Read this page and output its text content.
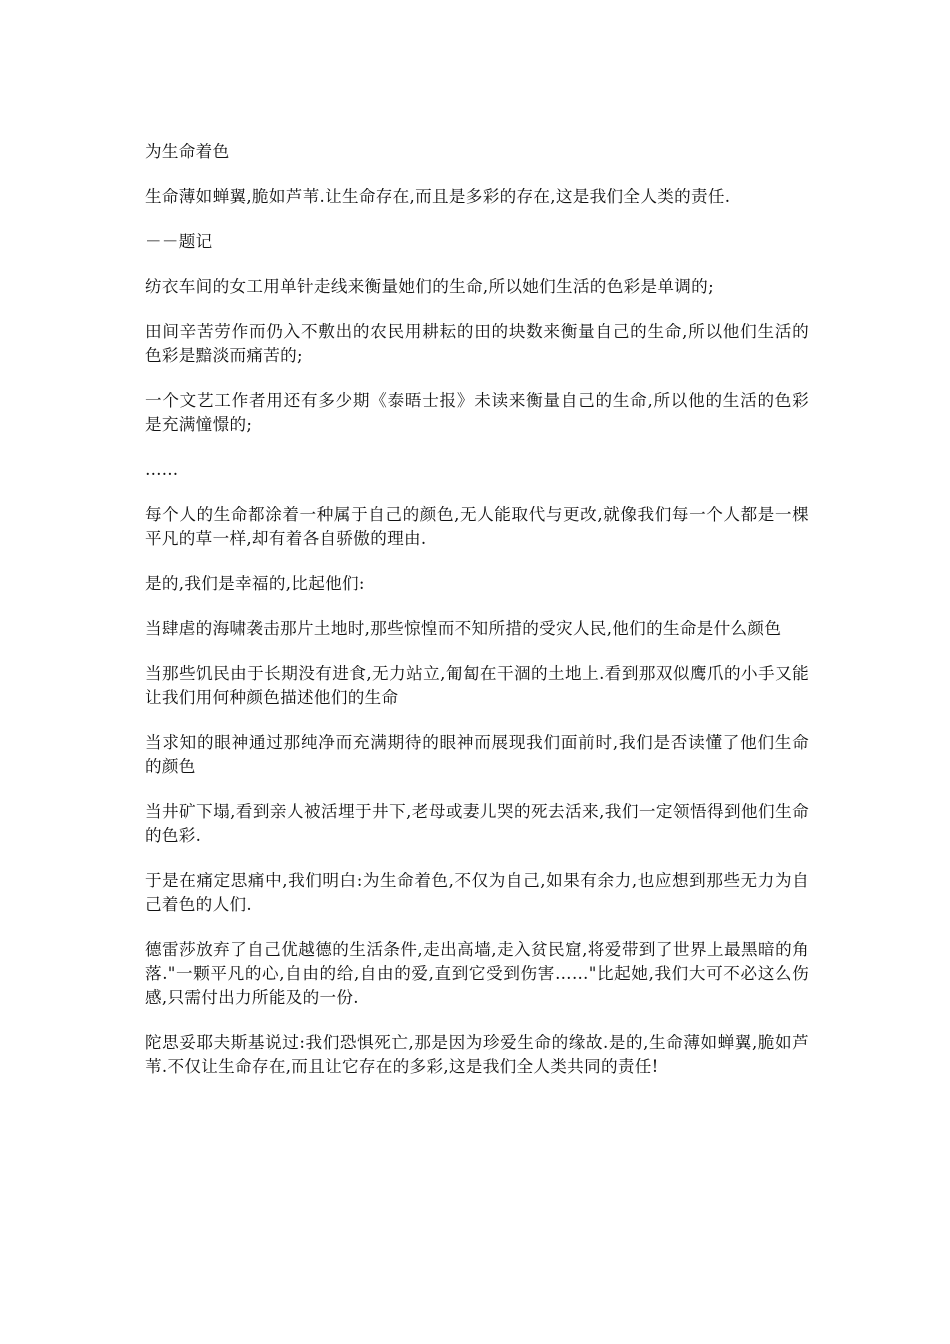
为生命着色

生命薄如蝉翼,脆如芦苇.让生命存在,而且是多彩的存在,这是我们全人类的责任.

－－题记

纺衣车间的女工用单针走线来衡量她们的生命,所以她们生活的色彩是单调的;

田间辛苦劳作而仍入不敷出的农民用耕耘的田的块数来衡量自己的生命,所以他们生活的色彩是黯淡而痛苦的;

一个文艺工作者用还有多少期《泰晤士报》未读来衡量自己的生命,所以他的生活的色彩是充满憧憬的;

……

每个人的生命都涂着一种属于自己的颜色,无人能取代与更改,就像我们每一个人都是一棵平凡的草一样,却有着各自骄傲的理由.

是的,我们是幸福的,比起他们:

当肆虐的海啸袭击那片土地时,那些惊惶而不知所措的受灾人民,他们的生命是什么颜色

当那些饥民由于长期没有进食,无力站立,匍匐在干涸的土地上.看到那双似鹰爪的小手又能让我们用何种颜色描述他们的生命

当求知的眼神通过那纯净而充满期待的眼神而展现我们面前时,我们是否读懂了他们生命的颜色

当井矿下塌,看到亲人被活埋于井下,老母或妻儿哭的死去活来,我们一定领悟得到他们生命的色彩.

于是在痛定思痛中,我们明白:为生命着色,不仅为自己,如果有余力,也应想到那些无力为自己着色的人们.

德雷莎放弃了自己优越德的生活条件,走出高墙,走入贫民窟,将爱带到了世界上最黑暗的角落."一颗平凡的心,自由的给,自由的爱,直到它受到伤害……"比起她,我们大可不必这么伤感,只需付出力所能及的一份.

陀思妥耶夫斯基说过:我们恐惧死亡,那是因为珍爱生命的缘故.是的,生命薄如蝉翼,脆如芦苇.不仅让生命存在,而且让它存在的多彩,这是我们全人类共同的责任!
